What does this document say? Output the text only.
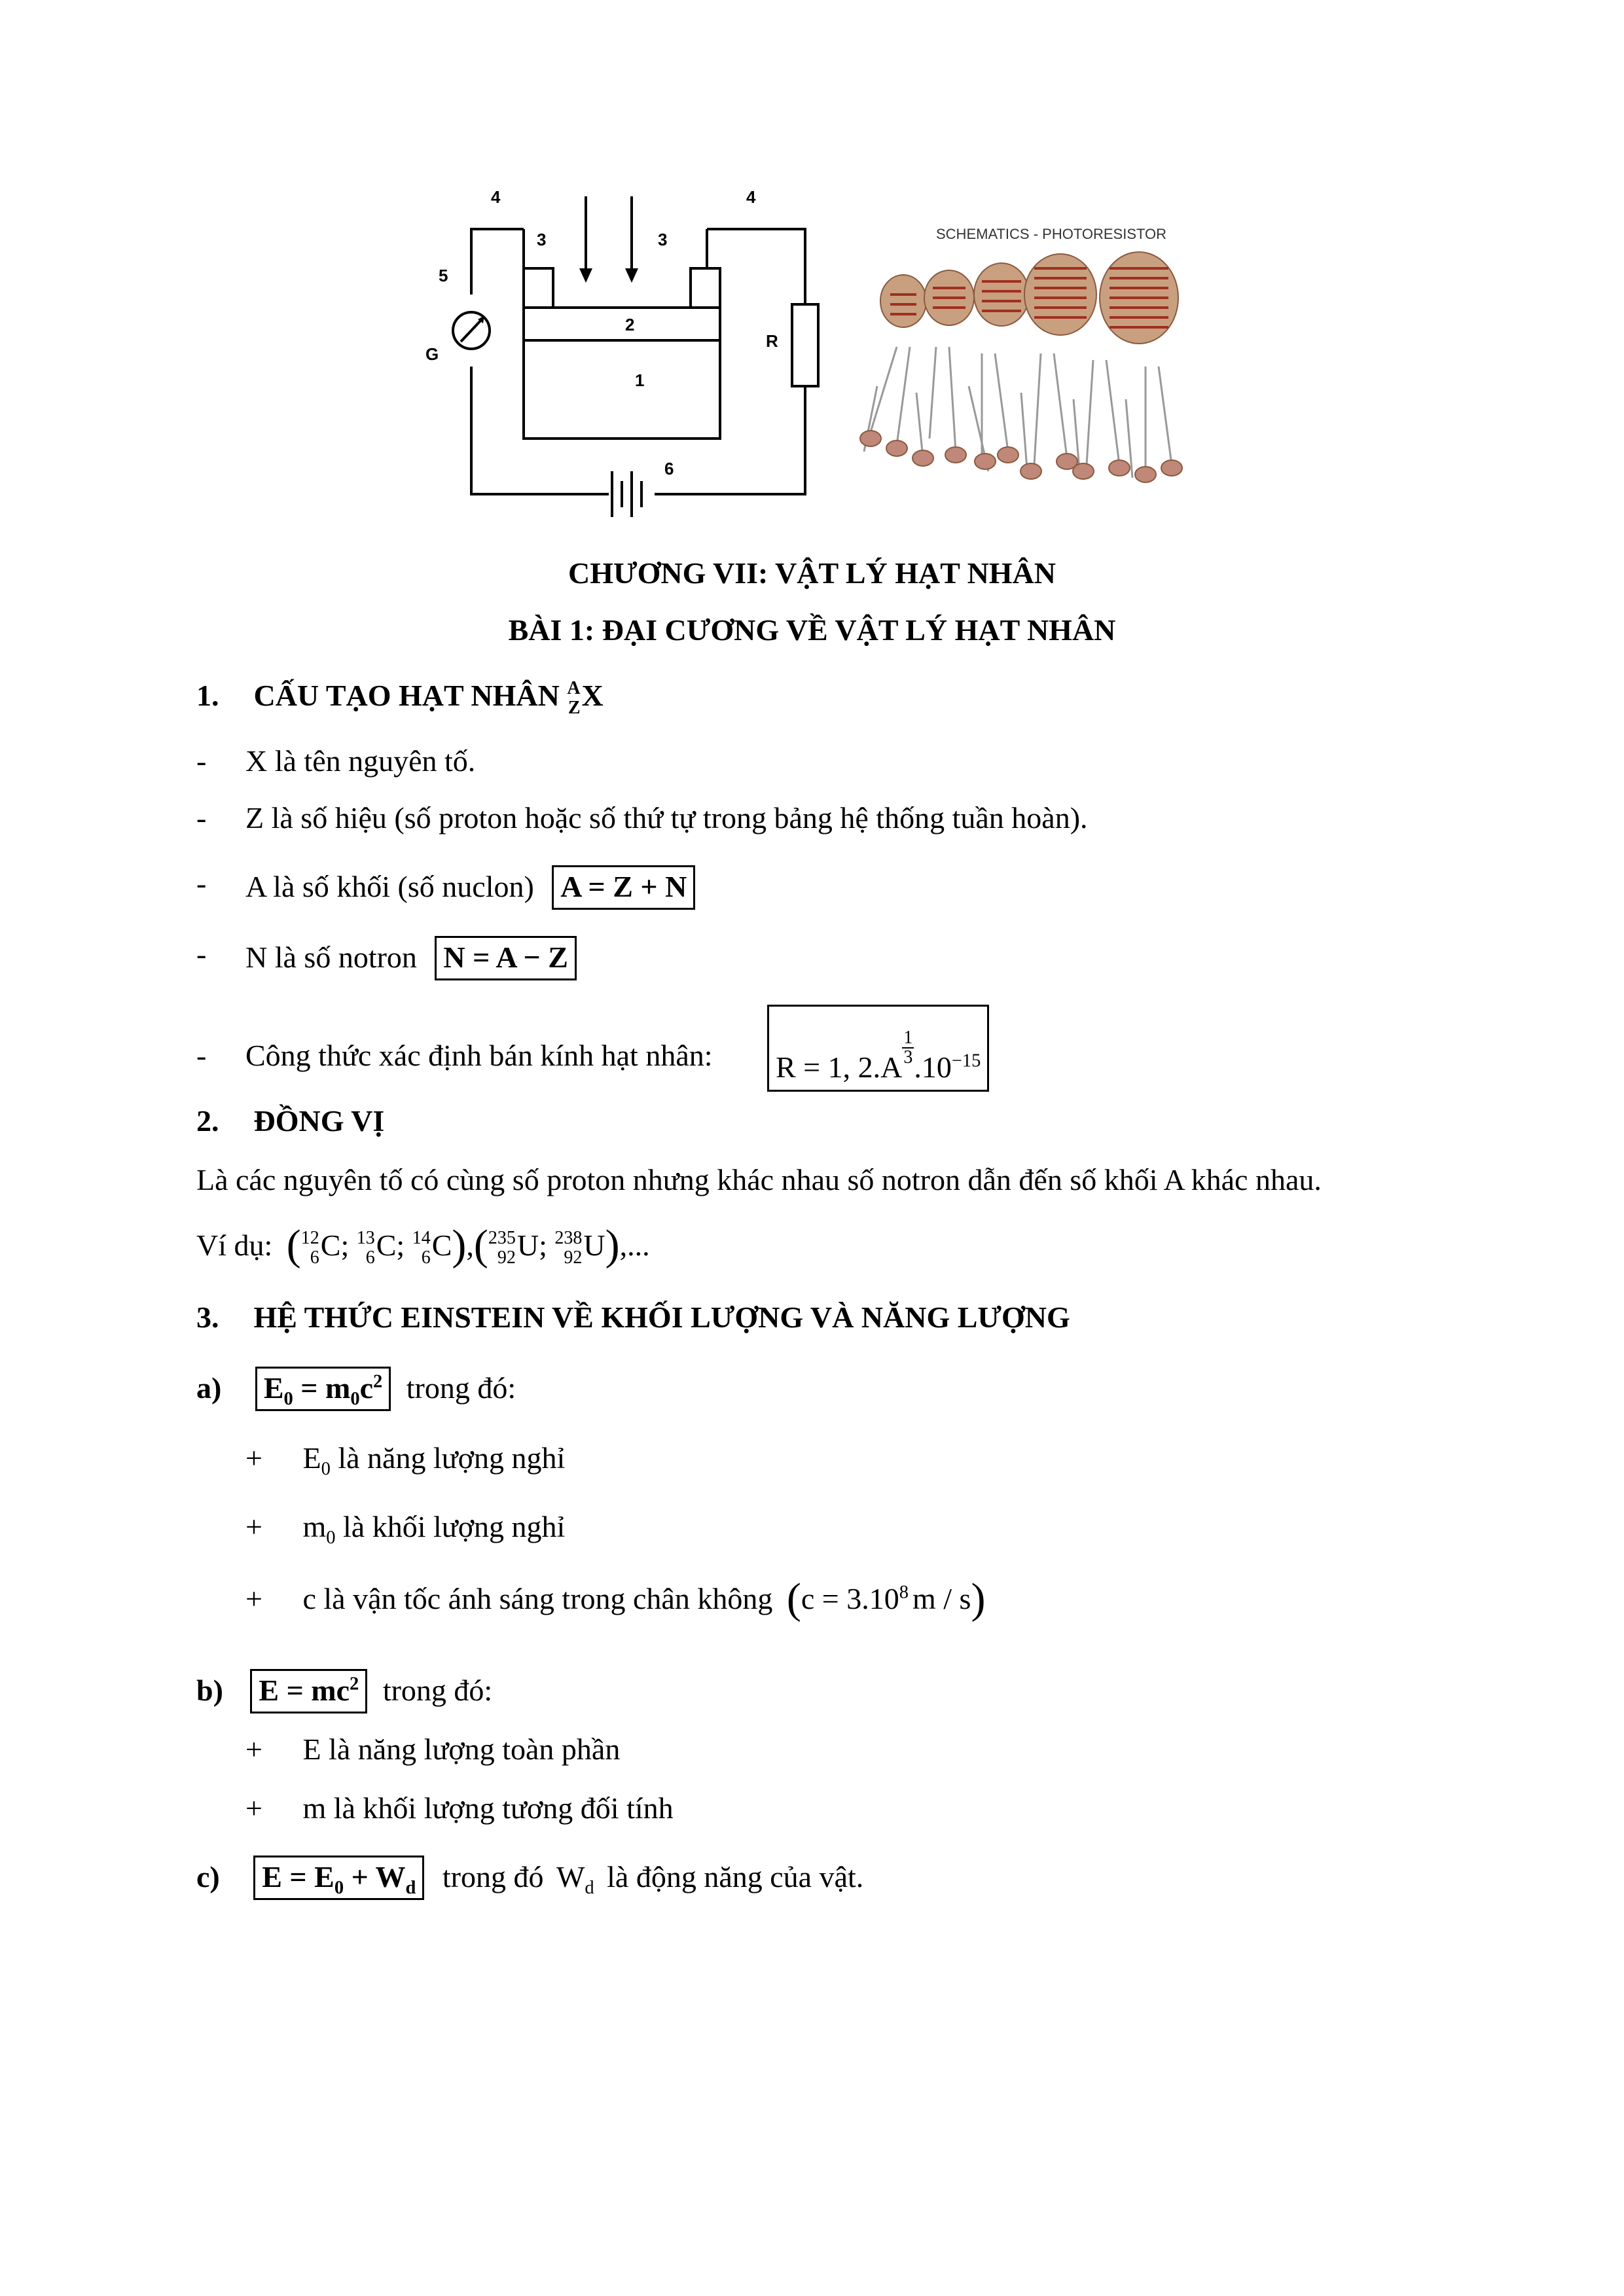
4	4
3	3
2
1
5
G
R
6
SCHEMATICS - PHOTORESISTOR
CHƯƠNG VII: VẬT LÝ HẠT NHÂN
BÀI 1: ĐẠI CƯƠNG VỀ VẬT LÝ HẠT NHÂN
1. CẤU TẠO HẠT NHÂN A
Z X
- X là tên nguyên tố.
- Z là số hiệu (số proton hoặc số thứ tự trong bảng hệ thống tuần hoàn).
- A là số khối (số nuclon) A = Z + N
- N là số notron N = A − Z
- Công thức xác định bán kính hạt nhân: R = 1, 2.A
$\frac{1}{3}$
$.10^{-15}$
2. ĐỒNG VỊ
Là các nguyên tố có cùng số proton nhưng khác nhau số notron dẫn đến số khối A khác nhau.
Ví dụ: ( 12
6 C; 13
6 C; 14
6 C),( 235
92 U; 238
92 U),...
3. HỆ THỨC EINSTEIN VỀ KHỐI LƯỢNG VÀ NĂNG LƯỢNG
a) $E_0 = m_0c^2$ trong đó:
+ $E_0$ là năng lượng nghỉ
+ $m_0$ là khối lượng nghỉ
+ c là vận tốc ánh sáng trong chân không ($c = 3.10^8$ m / s)
b) $E = mc^2$ trong đó:
+ E là năng lượng toàn phần
+ m là khối lượng tương đối tính
c) $E = E_0 + W_d$ trong đó $W_d$ là động năng của vật.
